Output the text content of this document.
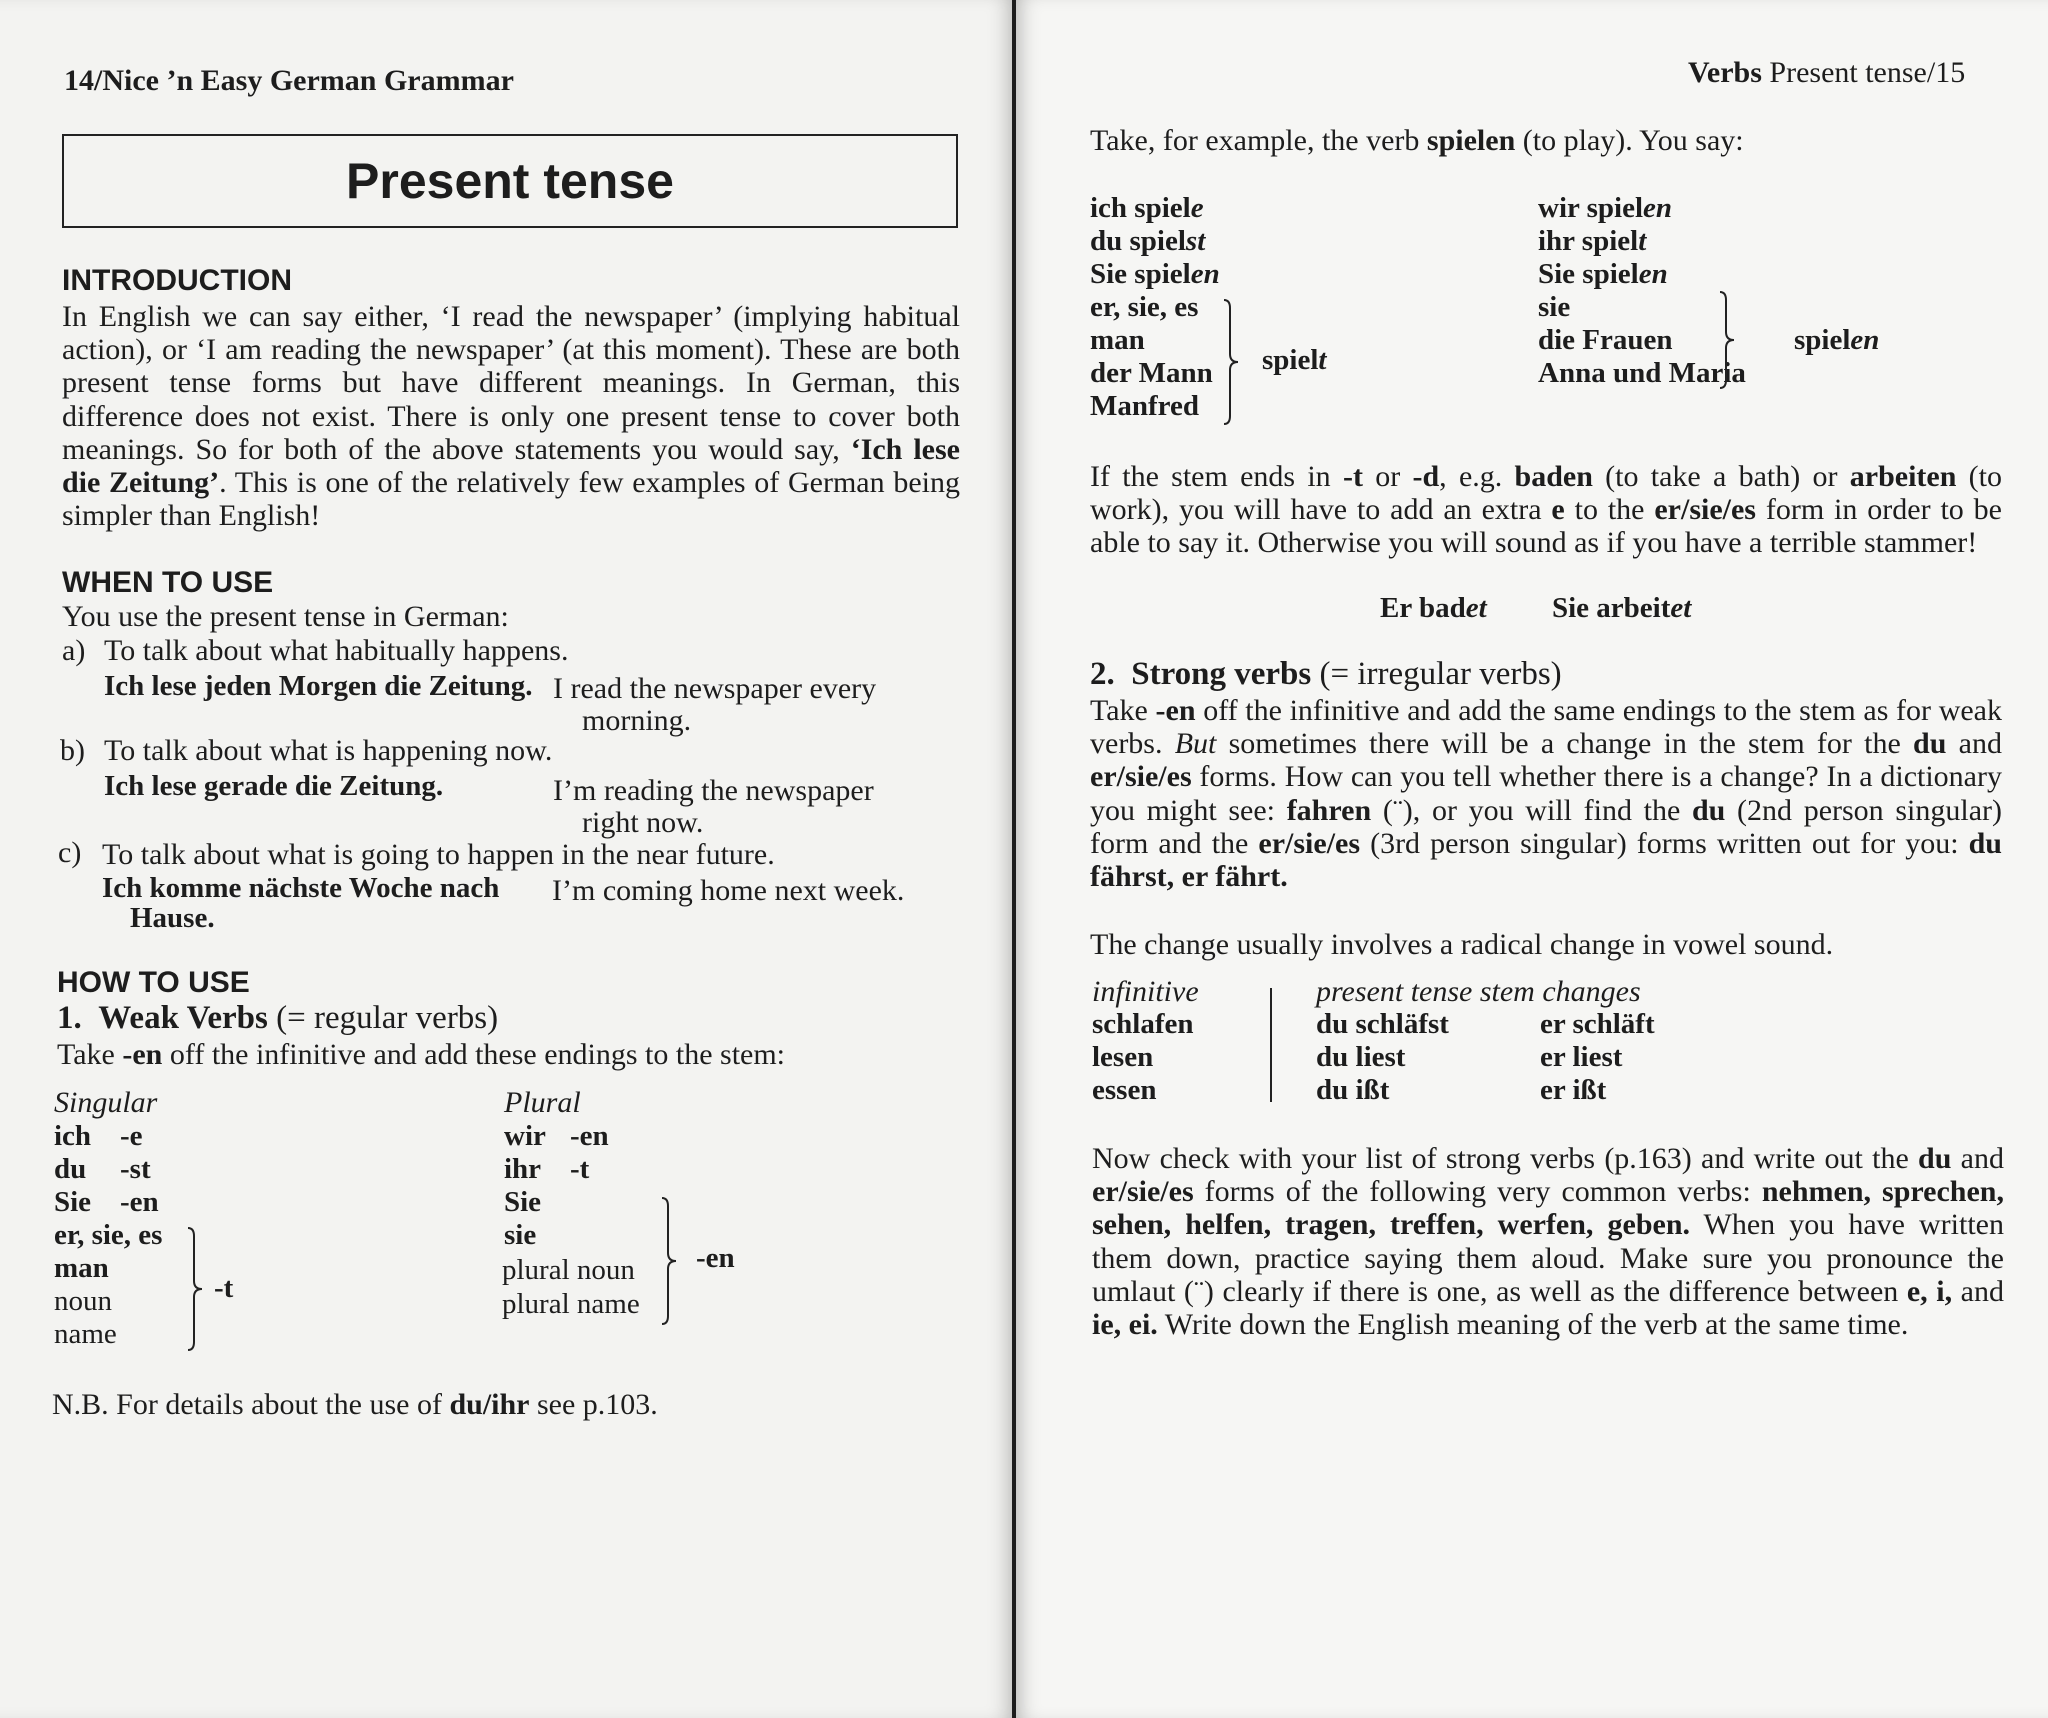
14/Nice ’n Easy German Grammar
Present tense
INTRODUCTION
In English we can say either, ‘I read the newspaper’ (implying habitual action), or ‘I am reading the newspaper’ (at this moment). These are both present tense forms but have different meanings. In German, this difference does not exist. There is only one present tense to cover both meanings. So for both of the above statements you would say, ‘Ich lese die Zeitung’. This is one of the relatively few examples of German being simpler than English!
WHEN TO USE
You use the present tense in German:
a) To talk about what habitually happens.
Ich lese jeden Morgen die Zeitung. I read the newspaper every
morning.
b) To talk about what is happening now.
Ich lese gerade die Zeitung.	I’m reading the newspaper
right now.
c) To talk about what is going to happen in the near future.
Ich komme nächste Woche nach
Hause.
I’m coming home next week.
HOW TO USE
1. Weak Verbs (= regular verbs)
Take -en off the infinitive and add these endings to the stem:
Singular
ich -e
du -st
Sie -en
er, sie, es
man
noun
name
-t
Plural
wir -en
ihr -t
Sie
sie
plural noun
plural name
-en
N.B. For details about the use of du/ihr see p.103.
Verbs Present tense/15
Take, for example, the verb spielen (to play). You say:
ich spiele
du spielst
Sie spielen
er, sie, es
man
der Mann
Manfred
spielt
wir spielen
ihr spielt
Sie spielen
sie
die Frauen
Anna und Maria
spielen
If the stem ends in -t or -d, e.g. baden (to take a bath) or arbeiten (to work), you will have to add an extra e to the er/sie/es form in order to be able to say it. Otherwise you will sound as if you have a terrible stammer!
Er badet Sie arbeitet
2. Strong verbs (= irregular verbs)
Take -en off the infinitive and add the same endings to the stem as for weak verbs. But sometimes there will be a change in the stem for the du and er/sie/es forms. How can you tell whether there is a change? In a dictionary you might see: fahren (¨), or you will find the du (2nd person singular) form and the er/sie/es (3rd person singular) forms written out for you: du fährst, er fährt.
The change usually involves a radical change in vowel sound.
infinitive	present tense stem changes
schlafen	du schläfst	er schläft
lesen	du liest	er liest
essen	du ißt	er ißt
Now check with your list of strong verbs (p.163) and write out the du and er/sie/es forms of the following very common verbs: nehmen, sprechen, sehen, helfen, tragen, treffen, werfen, geben. When you have written them down, practice saying them aloud. Make sure you pronounce the umlaut (¨) clearly if there is one, as well as the difference between e, i, and ie, ei. Write down the English meaning of the verb at the same time.
